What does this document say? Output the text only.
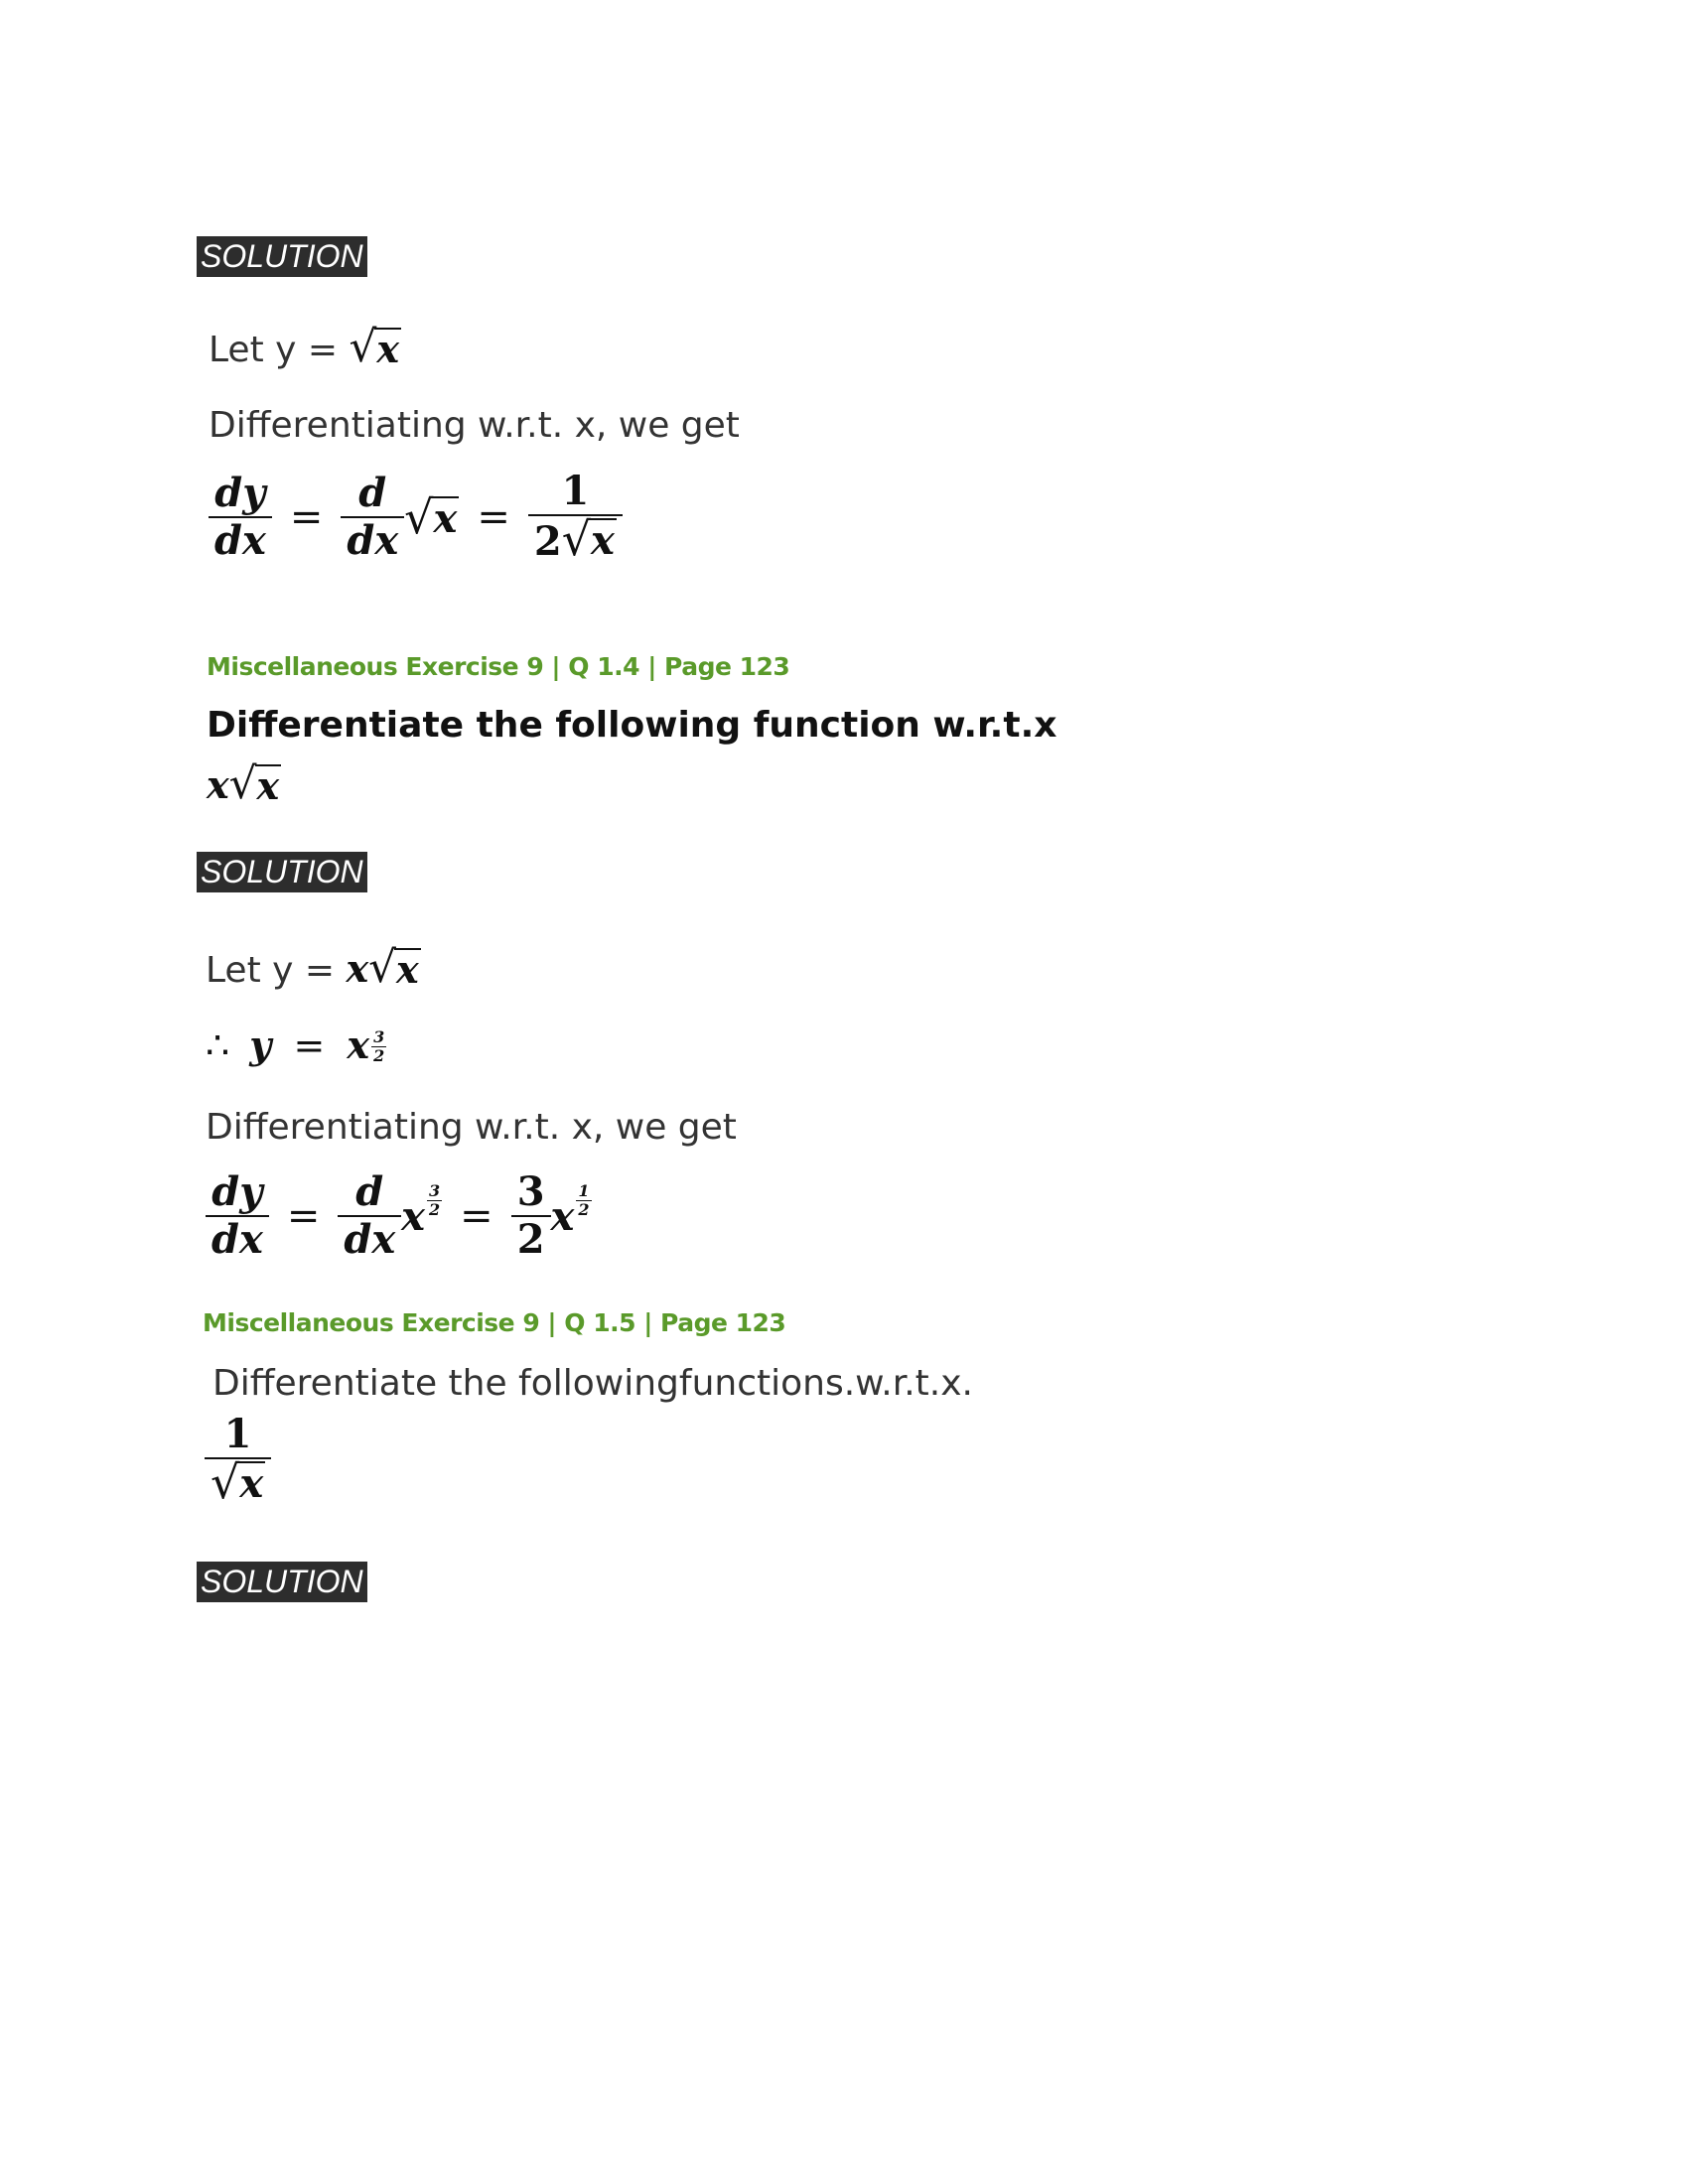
SOLUTION
Let y = √ x
Differentiating w.r.t. x, we get
$\frac{dy}{dx} = \frac{d}{dx}$ √ $x = \frac{1}{2 √ x}$
Miscellaneous Exercise 9 | Q 1.4 | Page 123
Differentiate the following function w.r.t.x
x √ x
SOLUTION
Let y = x √ x
∴ y = x $\frac{3}{2}$
Differentiating w.r.t. x, we get
$\frac{dy}{dx} = \frac{d}{dx}$ x $\frac{3}{2} = \frac{3}{2}$ x $\frac{1}{2}$
Miscellaneous Exercise 9 | Q 1.5 | Page 123
Differentiate the followingfunctions.w.r.t.x.
$\frac{1}{√ x}$
SOLUTION
